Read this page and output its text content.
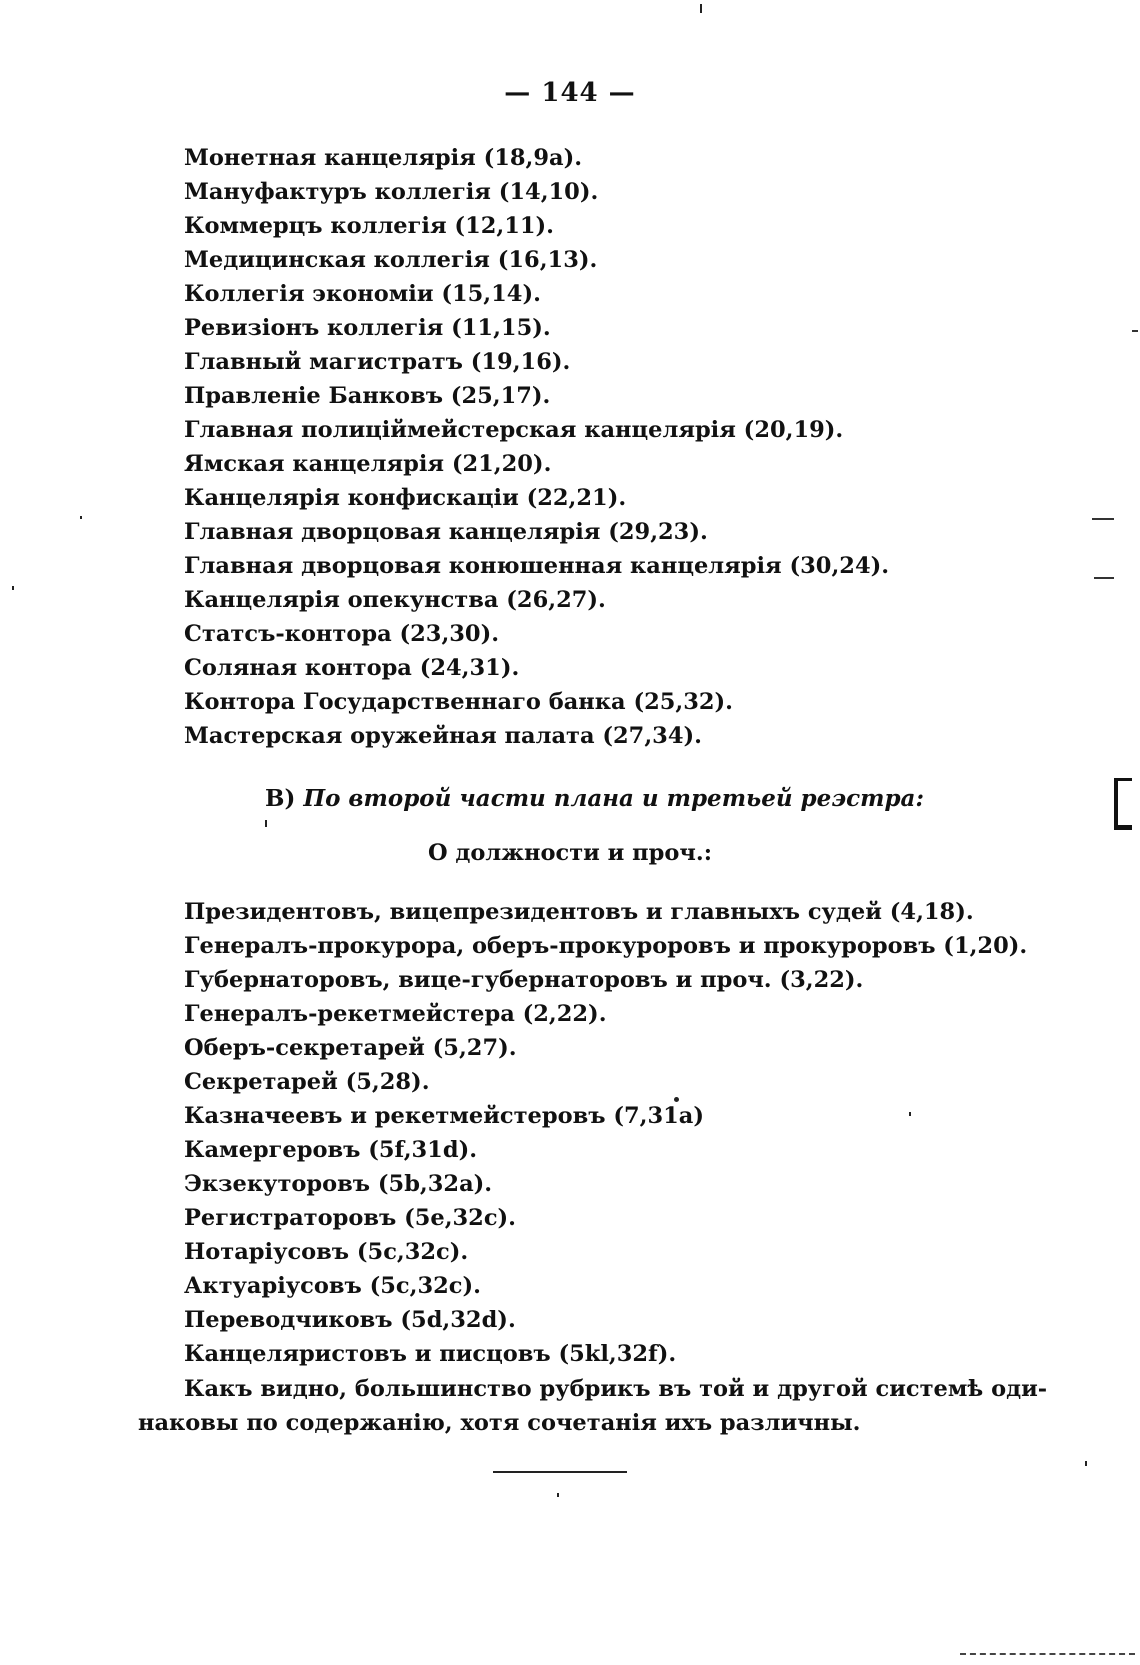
— 144 —
Монетная канцелярія (18,9а).
Мануфактуръ коллегія (14,10).
Коммерцъ коллегія (12,11).
Медицинская коллегія (16,13).
Коллегія экономіи (15,14).
Ревизіонъ коллегія (11,15).
Главный магистратъ (19,16).
Правленіе Банковъ (25,17).
Главная полицiймейстерская канцелярія (20,19).
Ямская канцелярія (21,20).
Канцелярія конфискаціи (22,21).
Главная дворцовая канцелярія (29,23).
Главная дворцовая конюшенная канцелярія (30,24).
Канцелярія опекунства (26,27).
Статсъ-контора (23,30).
Соляная контора (24,31).
Контора Государственнаго банка (25,32).
Мастерская оружейная палата (27,34).
В) По второй части плана и третьей реэстра:
О должности и проч.:
Президентовъ, вицепрезидентовъ и главныхъ судей (4,18).
Генералъ-прокурора, оберъ-прокуроровъ и прокуроровъ (1,20).
Губернаторовъ, вице-губернаторовъ и проч. (3,22).
Генералъ-рекетмейстера (2,22).
Оберъ-секретарей (5,27).
Секретарей (5,28).
Казначеевъ и рекетмейстеровъ (7,31а)
Камергеровъ (5f,31d).
Экзекуторовъ (5b,32а).
Регистраторовъ (5е,32с).
Нотаріусовъ (5с,32с).
Актуаріусовъ (5с,32с).
Переводчиковъ (5d,32d).
Канцеляристовъ и писцовъ (5kl,32f).
Какъ видно, большинство рубрикъ въ той и другой системѣ оди-
наковы по содержанію, хотя сочетанія ихъ различны.
